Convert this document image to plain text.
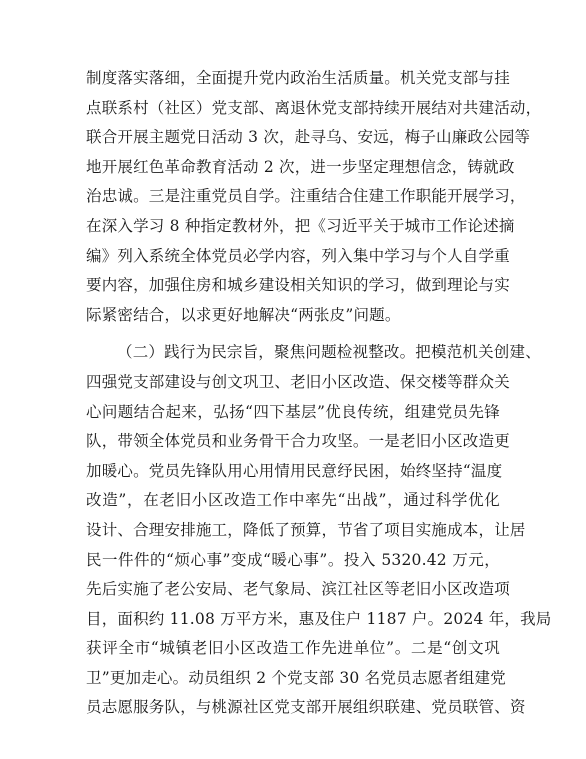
制度落实落细，全面提升党内政治生活质量。机关党支部与挂
点联系村（社区）党支部、离退休党支部持续开展结对共建活动，
联合开展主题党日活动 3 次，赴寻乌、安远，梅子山廉政公园等
地开展红色革命教育活动 2 次，进一步坚定理想信念，铸就政
治忠诚。三是注重党员自学。注重结合住建工作职能开展学习，
在深入学习 8 种指定教材外，把《习近平关于城市工作论述摘
编》列入系统全体党员必学内容，列入集中学习与个人自学重
要内容，加强住房和城乡建设相关知识的学习，做到理论与实
际紧密结合，以求更好地解决“两张皮”问题。
（二）践行为民宗旨，聚焦问题检视整改。把模范机关创建、
四强党支部建设与创文巩卫、老旧小区改造、保交楼等群众关
心问题结合起来，弘扬“四下基层”优良传统，组建党员先锋
队，带领全体党员和业务骨干合力攻坚。一是老旧小区改造更
加暖心。党员先锋队用心用情用民意纾民困，始终坚持“温度
改造”，在老旧小区改造工作中率先“出战”，通过科学优化
设计、合理安排施工，降低了预算，节省了项目实施成本，让居
民一件件的“烦心事”变成“暖心事”。投入 5320.42 万元，
先后实施了老公安局、老气象局、滨江社区等老旧小区改造项
目，面积约 11.08 万平方米，惠及住户 1187 户。2024 年，我局
获评全市“城镇老旧小区改造工作先进单位”。二是“创文巩
卫”更加走心。动员组织 2 个党支部 30 名党员志愿者组建党
员志愿服务队，与桃源社区党支部开展组织联建、党员联管、资
